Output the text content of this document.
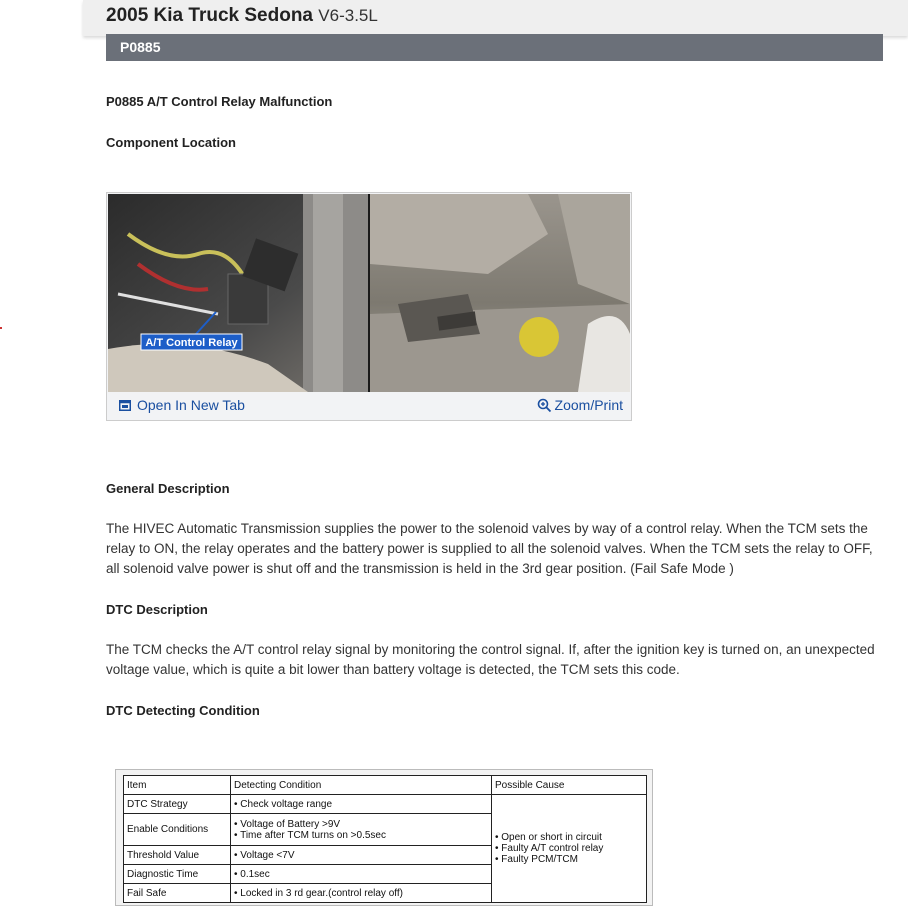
2005 Kia Truck Sedona V6-3.5L
P0885
P0885 A/T Control Relay Malfunction
Component Location
A/T Control Relay
Open In New Tab	Zoom/Print
General Description

The HIVEC Automatic Transmission supplies the power to the solenoid valves by way of a control relay. When the TCM sets the relay to ON, the relay operates and the battery power is supplied to all the solenoid valves. When the TCM sets the relay to OFF, all solenoid valve power is shut off and the transmission is held in the 3rd gear position. (Fail Safe Mode )

DTC Description

The TCM checks the A/T control relay signal by monitoring the control signal. If, after the ignition key is turned on, an unexpected voltage value, which is quite a bit lower than battery voltage is detected, the TCM sets this code.

DTC Detecting Condition
Item	Detecting Condition	Possible Cause
DTC Strategy	• Check voltage range	• Open or short in circuit
• Faulty A/T control relay
• Faulty PCM/TCM

Enable Conditions	• Voltage of Battery >9V
• Time after TCM turns on >0.5sec	

Threshold Value	• Voltage <7V	
Diagnostic Time	• 0.1sec	
Fail Safe	• Locked in 3 rd gear.(control relay off)	
